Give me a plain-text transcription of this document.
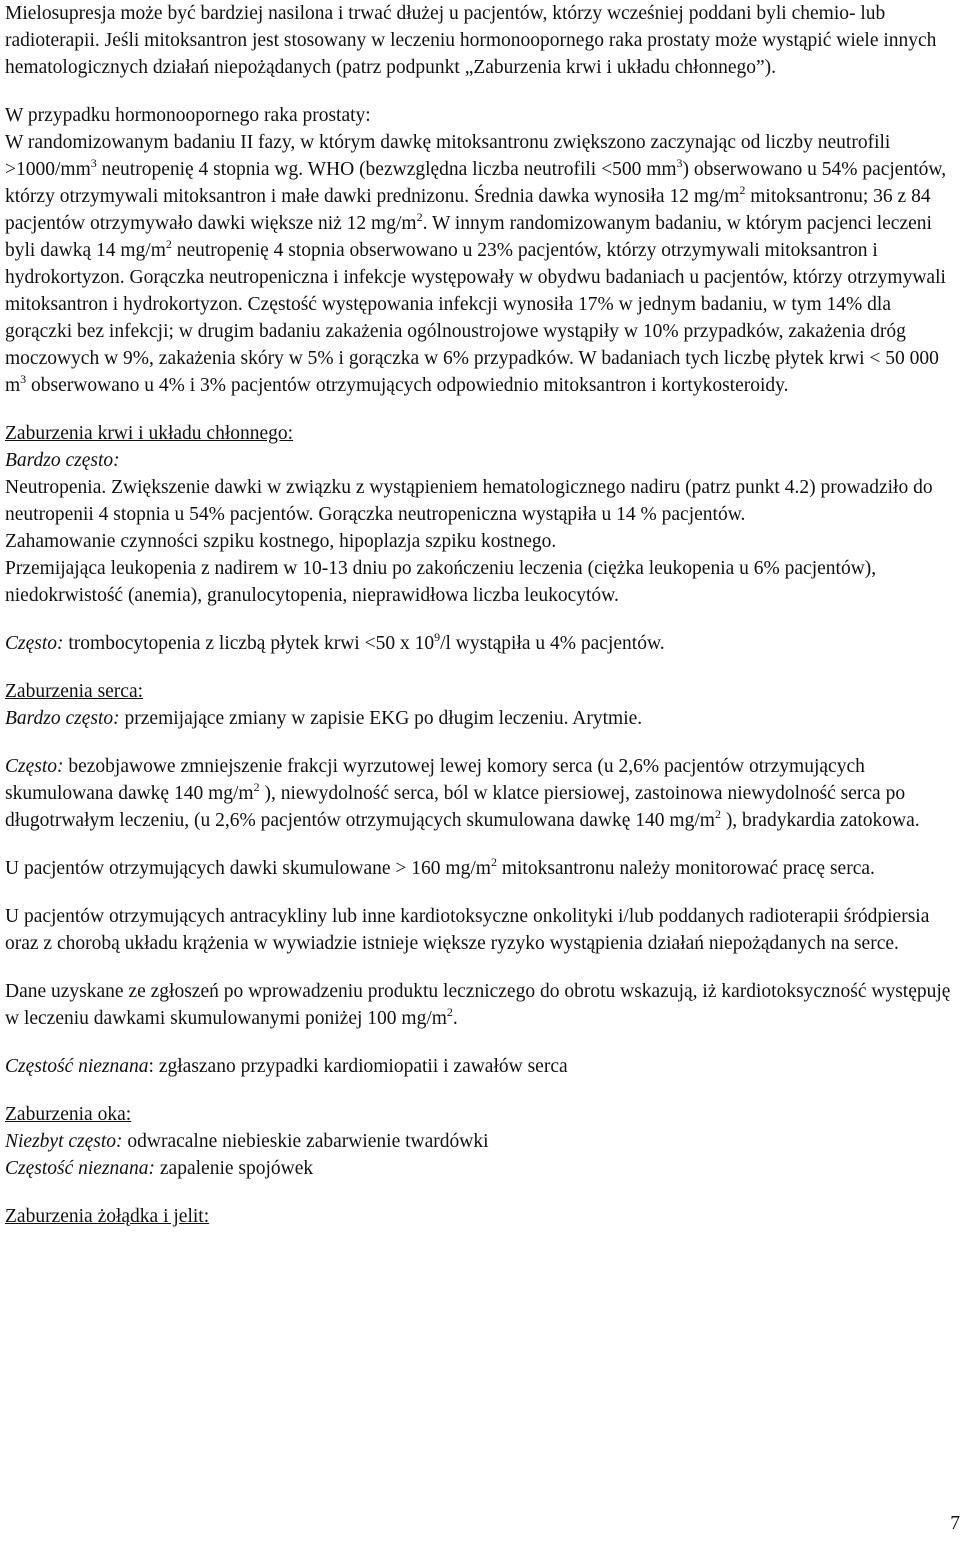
Mielosupresja może być bardziej nasilona i trwać dłużej u pacjentów, którzy wcześniej poddani byli chemio- lub radioterapii. Jeśli mitoksantron jest stosowany w leczeniu hormonoopornego raka prostaty może wystąpić wiele innych hematologicznych działań niepożądanych (patrz podpunkt „Zaburzenia krwi i układu chłonnego”).

W przypadku hormonoopornego raka prostaty:
W randomizowanym badaniu II fazy, w którym dawkę mitoksantronu zwiększono zaczynając od liczby neutrofili $>1000/mm^3$ neutropenię 4 stopnia wg. WHO (bezwzględna liczba neutrofili <500 $mm^3$) obserwowano u 54% pacjentów, którzy otrzymywali mitoksantron i małe dawki prednizonu. Średnia dawka wynosiła 12 $mg/m^2$ mitoksantronu; 36 z 84 pacjentów otrzymywało dawki większe niż 12 $mg/m^2$. W innym randomizowanym badaniu, w którym pacjenci leczeni byli dawką 14 $mg/m^2$ neutropenię 4 stopnia obserwowano u 23% pacjentów, którzy otrzymywali mitoksantron i hydrokortyzon. Gorączka neutropeniczna i infekcje występowały w obydwu badaniach u pacjentów, którzy otrzymywali mitoksantron i hydrokortyzon. Częstość występowania infekcji wynosiła 17% w jednym badaniu, w tym 14% dla gorączki bez infekcji; w drugim badaniu zakażenia ogólnoustrojowe wystąpiły w 10% przypadków, zakażenia dróg moczowych w 9%, zakażenia skóry w 5% i gorączka w 6% przypadków. W badaniach tych liczbę płytek krwi < 50 000 $m^3$ obserwowano u 4% i 3% pacjentów otrzymujących odpowiednio mitoksantron i kortykosteroidy.
Zaburzenia krwi i układu chłonnego:
Bardzo często:
Neutropenia. Zwiększenie dawki w związku z wystąpieniem hematologicznego nadiru (patrz punkt 4.2) prowadziło do neutropenii 4 stopnia u 54% pacjentów. Gorączka neutropeniczna wystąpiła u 14 % pacjentów.
Zahamowanie czynności szpiku kostnego, hipoplazja szpiku kostnego.
Przemijająca leukopenia z nadirem w 10-13 dniu po zakończeniu leczenia (ciężka leukopenia u 6% pacjentów), niedokrwistość (anemia), granulocytopenia, nieprawidłowa liczba leukocytów.
Często: trombocytopenia z liczbą płytek krwi <50 x $10^9/l$ wystąpiła u 4% pacjentów.
Zaburzenia serca:
Bardzo często: przemijające zmiany w zapisie EKG po długim leczeniu. Arytmie.
Często: bezobjawowe zmniejszenie frakcji wyrzutowej lewej komory serca (u 2,6% pacjentów otrzymujących skumulowana dawkę 140 $mg/m^2$ ), niewydolność serca, ból w klatce piersiowej, zastoinowa niewydolność serca po długotrwałym leczeniu, (u 2,6% pacjentów otrzymujących skumulowana dawkę 140 $mg/m^2$ ), bradykardia zatokowa.
U pacjentów otrzymujących dawki skumulowane > 160 $mg/m^2$ mitoksantronu należy monitorować pracę serca.
U pacjentów otrzymujących antracykliny lub inne kardiotoksyczne onkolityki i/lub poddanych radioterapii śródpiersia oraz z chorobą układu krążenia w wywiadzie istnieje większe ryzyko wystąpienia działań niepożądanych na serce.
Dane uzyskane ze zgłoszeń po wprowadzeniu produktu leczniczego do obrotu wskazują, iż kardiotoksyczność występuję w leczeniu dawkami skumulowanymi poniżej 100 $mg/m^2$.
Częstość nieznana: zgłaszano przypadki kardiomiopatii i zawałów serca
Zaburzenia oka:
Niezbyt często: odwracalne niebieskie zabarwienie twardówki
Częstość nieznana: zapalenie spojówek
Zaburzenia żołądka i jelit:
7
